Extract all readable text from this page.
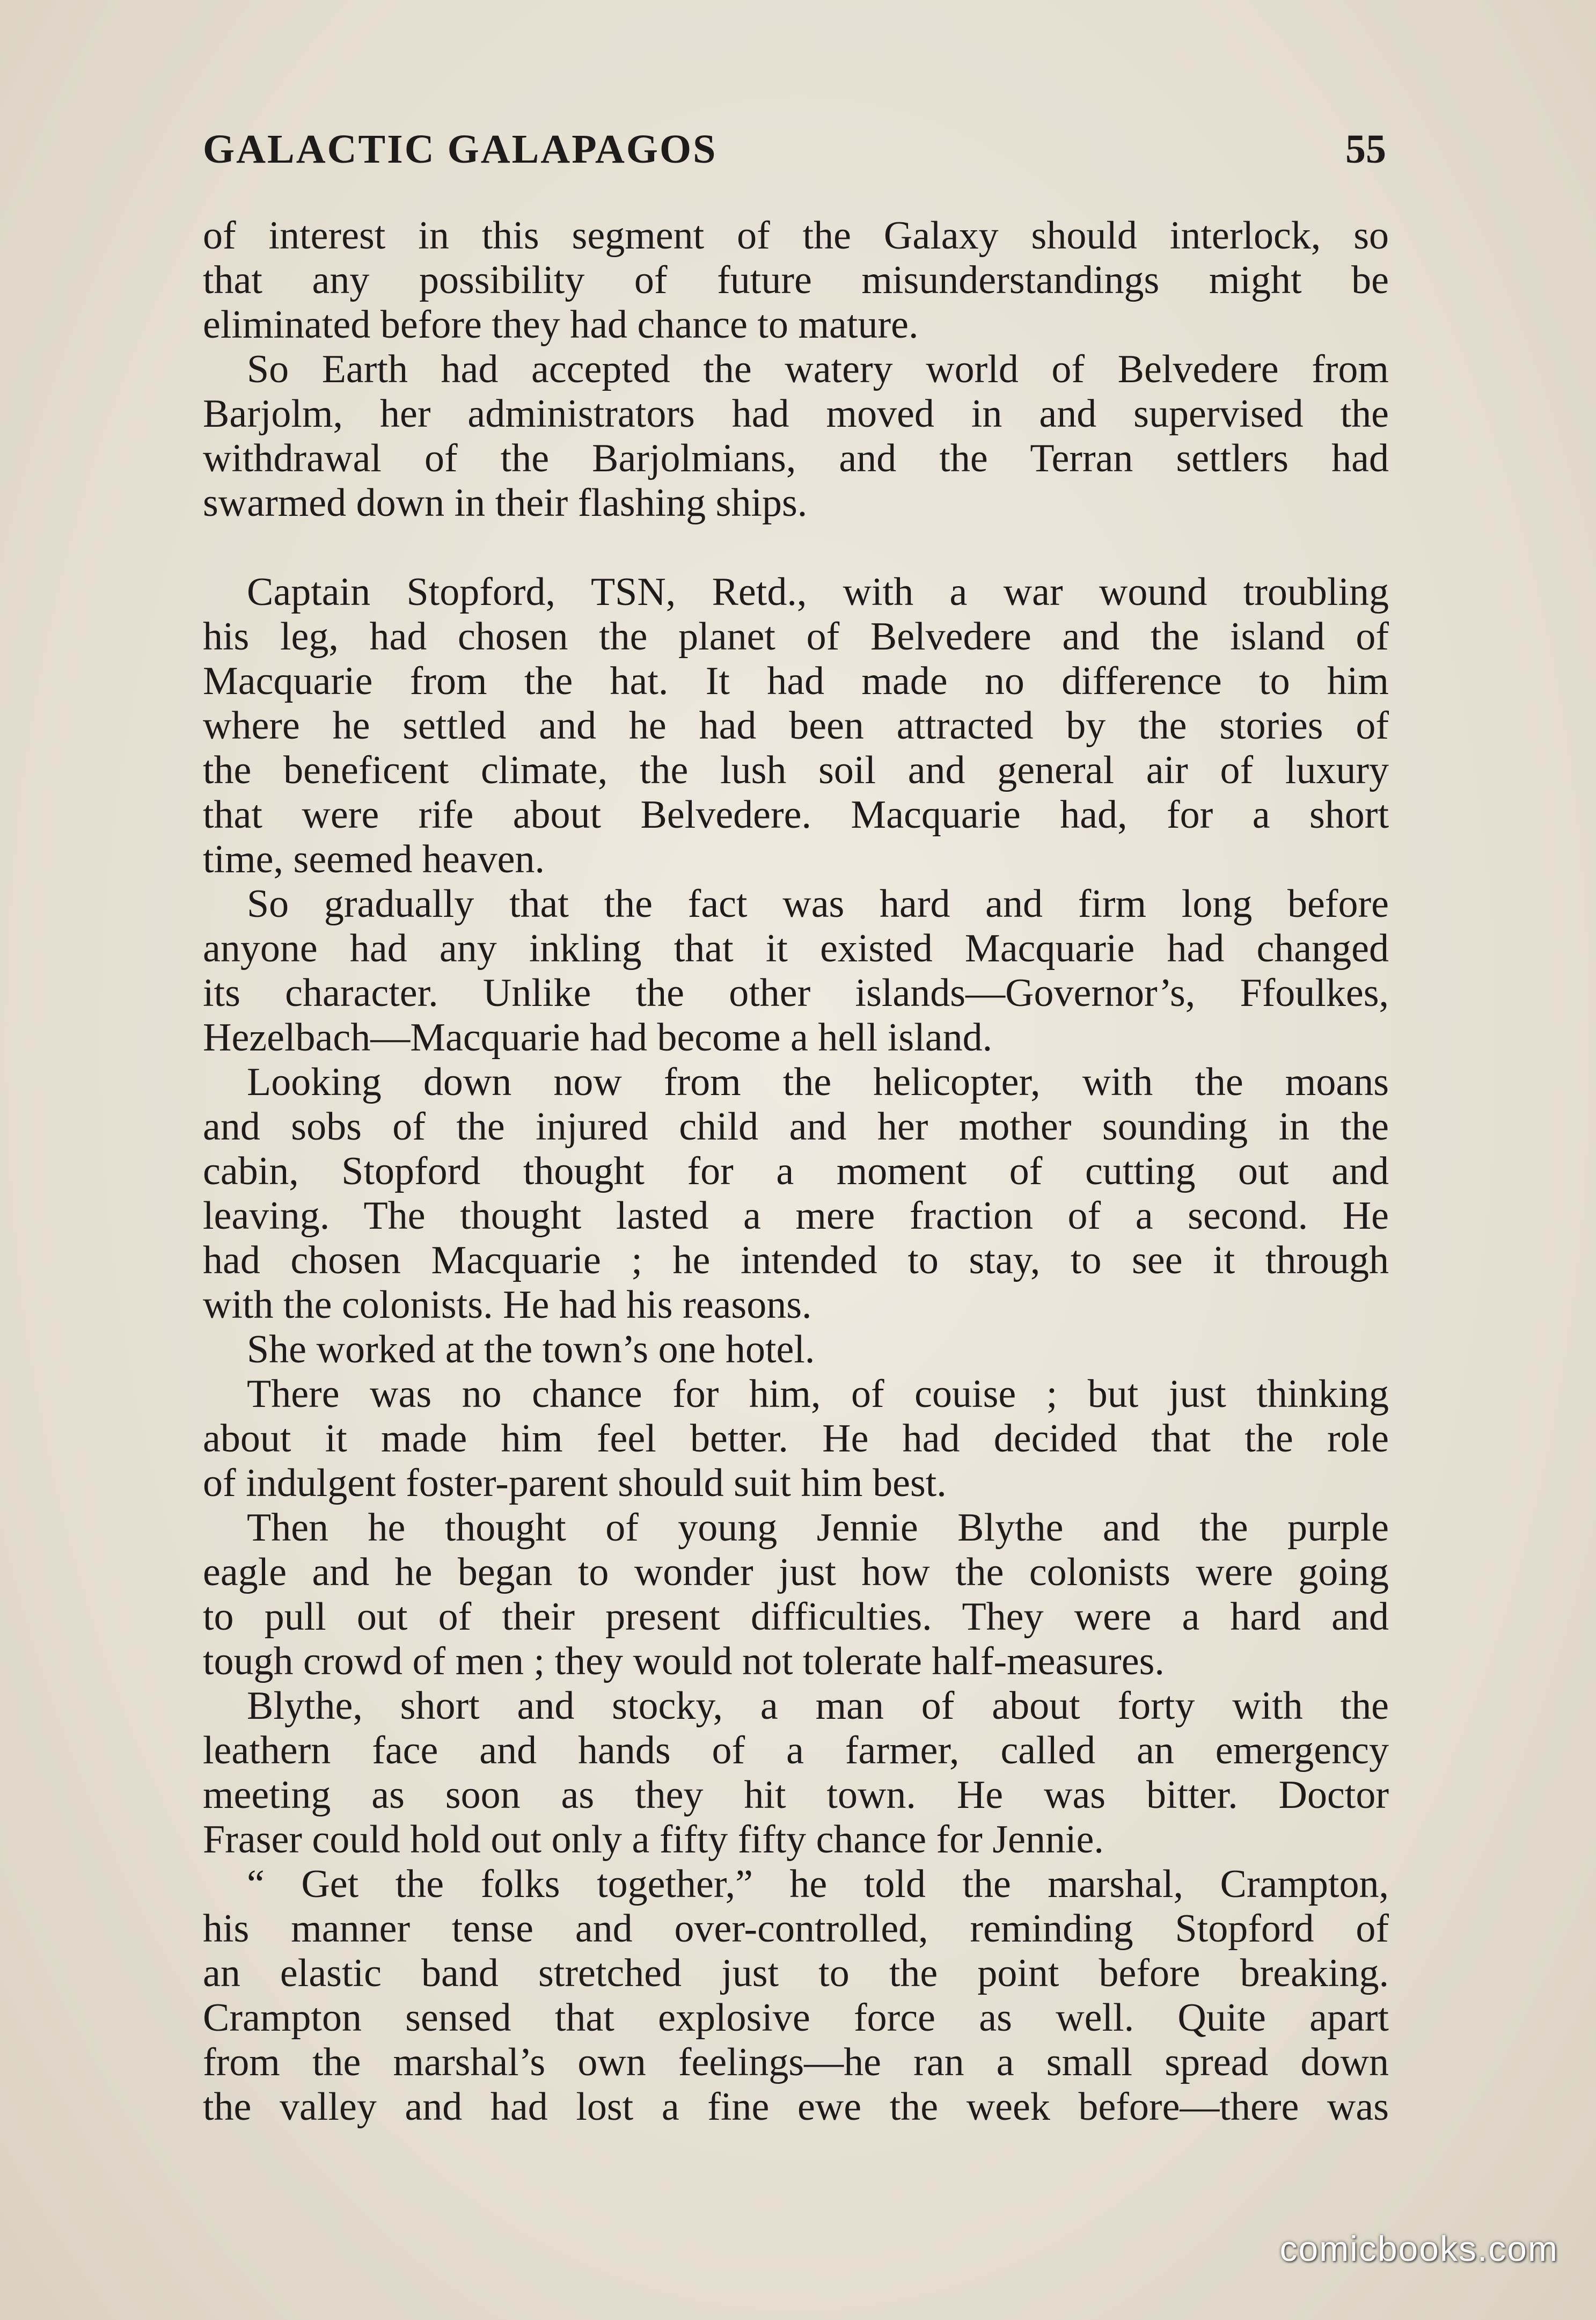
GALACTIC GALAPAGOS	55
of interest in this segment of the Galaxy should interlock, so
that any possibility of future misunderstandings might be
eliminated before they had chance to mature.
So Earth had accepted the watery world of Belvedere from
Barjolm, her administrators had moved in and supervised the
withdrawal of the Barjolmians, and the Terran settlers had
swarmed down in their flashing ships.
Captain Stopford, TSN, Retd., with a war wound troubling
his leg, had chosen the planet of Belvedere and the island of
Macquarie from the hat. It had made no difference to him
where he settled and he had been attracted by the stories of
the beneficent climate, the lush soil and general air of luxury
that were rife about Belvedere. Macquarie had, for a short
time, seemed heaven.
So gradually that the fact was hard and firm long before
anyone had any inkling that it existed Macquarie had changed
its character. Unlike the other islands—Governor’s, Ffoulkes,
Hezelbach—Macquarie had become a hell island.
Looking down now from the helicopter, with the moans
and sobs of the injured child and her mother sounding in the
cabin, Stopford thought for a moment of cutting out and
leaving. The thought lasted a mere fraction of a second. He
had chosen Macquarie ; he intended to stay, to see it through
with the colonists. He had his reasons.
She worked at the town’s one hotel.
There was no chance for him, of couise ; but just thinking
about it made him feel better. He had decided that the role
of indulgent foster-parent should suit him best.
Then he thought of young Jennie Blythe and the purple
eagle and he began to wonder just how the colonists were going
to pull out of their present difficulties. They were a hard and
tough crowd of men ; they would not tolerate half-measures.
Blythe, short and stocky, a man of about forty with the
leathern face and hands of a farmer, called an emergency
meeting as soon as they hit town. He was bitter. Doctor
Fraser could hold out only a fifty fifty chance for Jennie.
“ Get the folks together,” he told the marshal, Crampton,
his manner tense and over-controlled, reminding Stopford of
an elastic band stretched just to the point before breaking.
Crampton sensed that explosive force as well. Quite apart
from the marshal’s own feelings—he ran a small spread down
the valley and had lost a fine ewe the week before—there was
comicbooks.com
